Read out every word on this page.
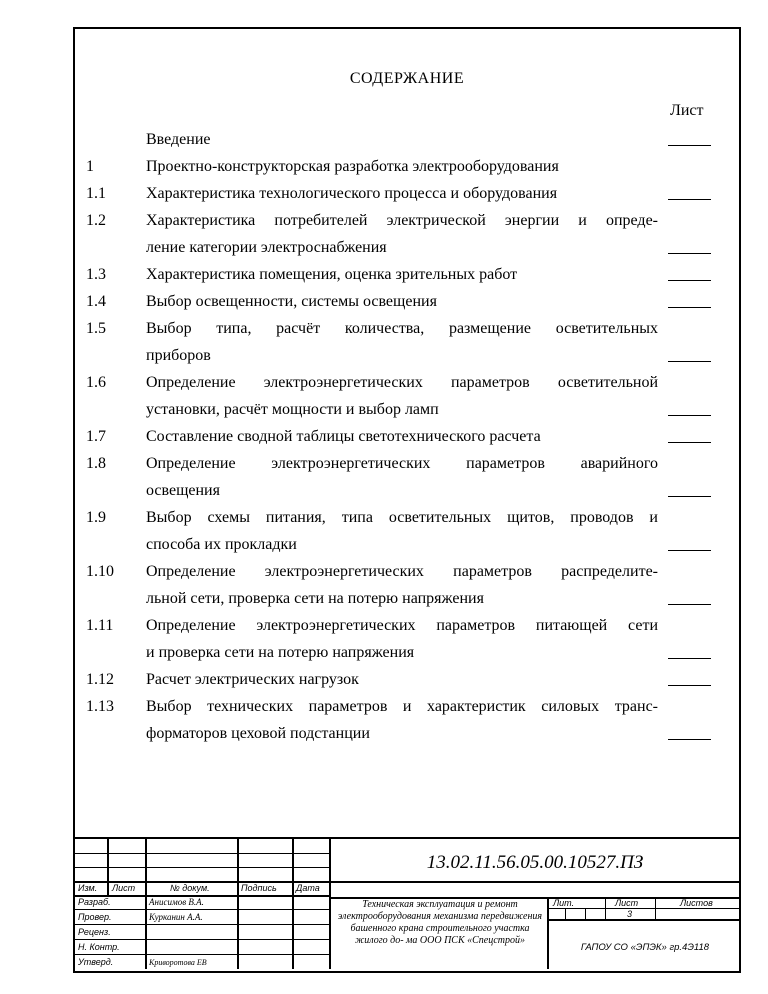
СОДЕРЖАНИЕ
Лист
Введение
1	Проектно-конструкторская разработка электрооборудования
1.1	Характеристика технологического процесса и оборудования
1.2	Характеристика потребителей электрической энергии и опреде-
ление категории электроснабжения
1.3	Характеристика помещения, оценка зрительных работ
1.4	Выбор освещенности, системы освещения
1.5	Выбор типа, расчёт количества, размещение осветительных
приборов
1.6	Определение электроэнергетических параметров осветительной
установки, расчёт мощности и выбор ламп
1.7	Составление сводной таблицы светотехнического расчета
1.8	Определение электроэнергетических параметров аварийного
освещения
1.9	Выбор схемы питания, типа осветительных щитов, проводов и
способа их прокладки
1.10	Определение электроэнергетических параметров распределите-
льной сети, проверка сети на потерю напряжения
1.11	Определение электроэнергетических параметров питающей сети
и проверка сети на потерю напряжения
1.12	Расчет электрических нагрузок
1.13	Выбор технических параметров и характеристик силовых транс-
форматоров цеховой подстанции
Изм. Лист	№ докум.	Подпись Дата
Разраб.	Анисимов В.А.
Провер.	Курканин А.А.
Реценз.
Н. Контр.
Утверд.	Криворотова ЕВ
13.02.11.56.05.00.10527.ПЗ
Техническая эксплуатация и ремонт электрооборудования механизма передвижения башенного крана строительного участка жилого до- ма ООО ПСК «Спецстрой»
Лит.	Лист	Листов
3
ГАПОУ СО «ЭПЭК» гр.4Э118
